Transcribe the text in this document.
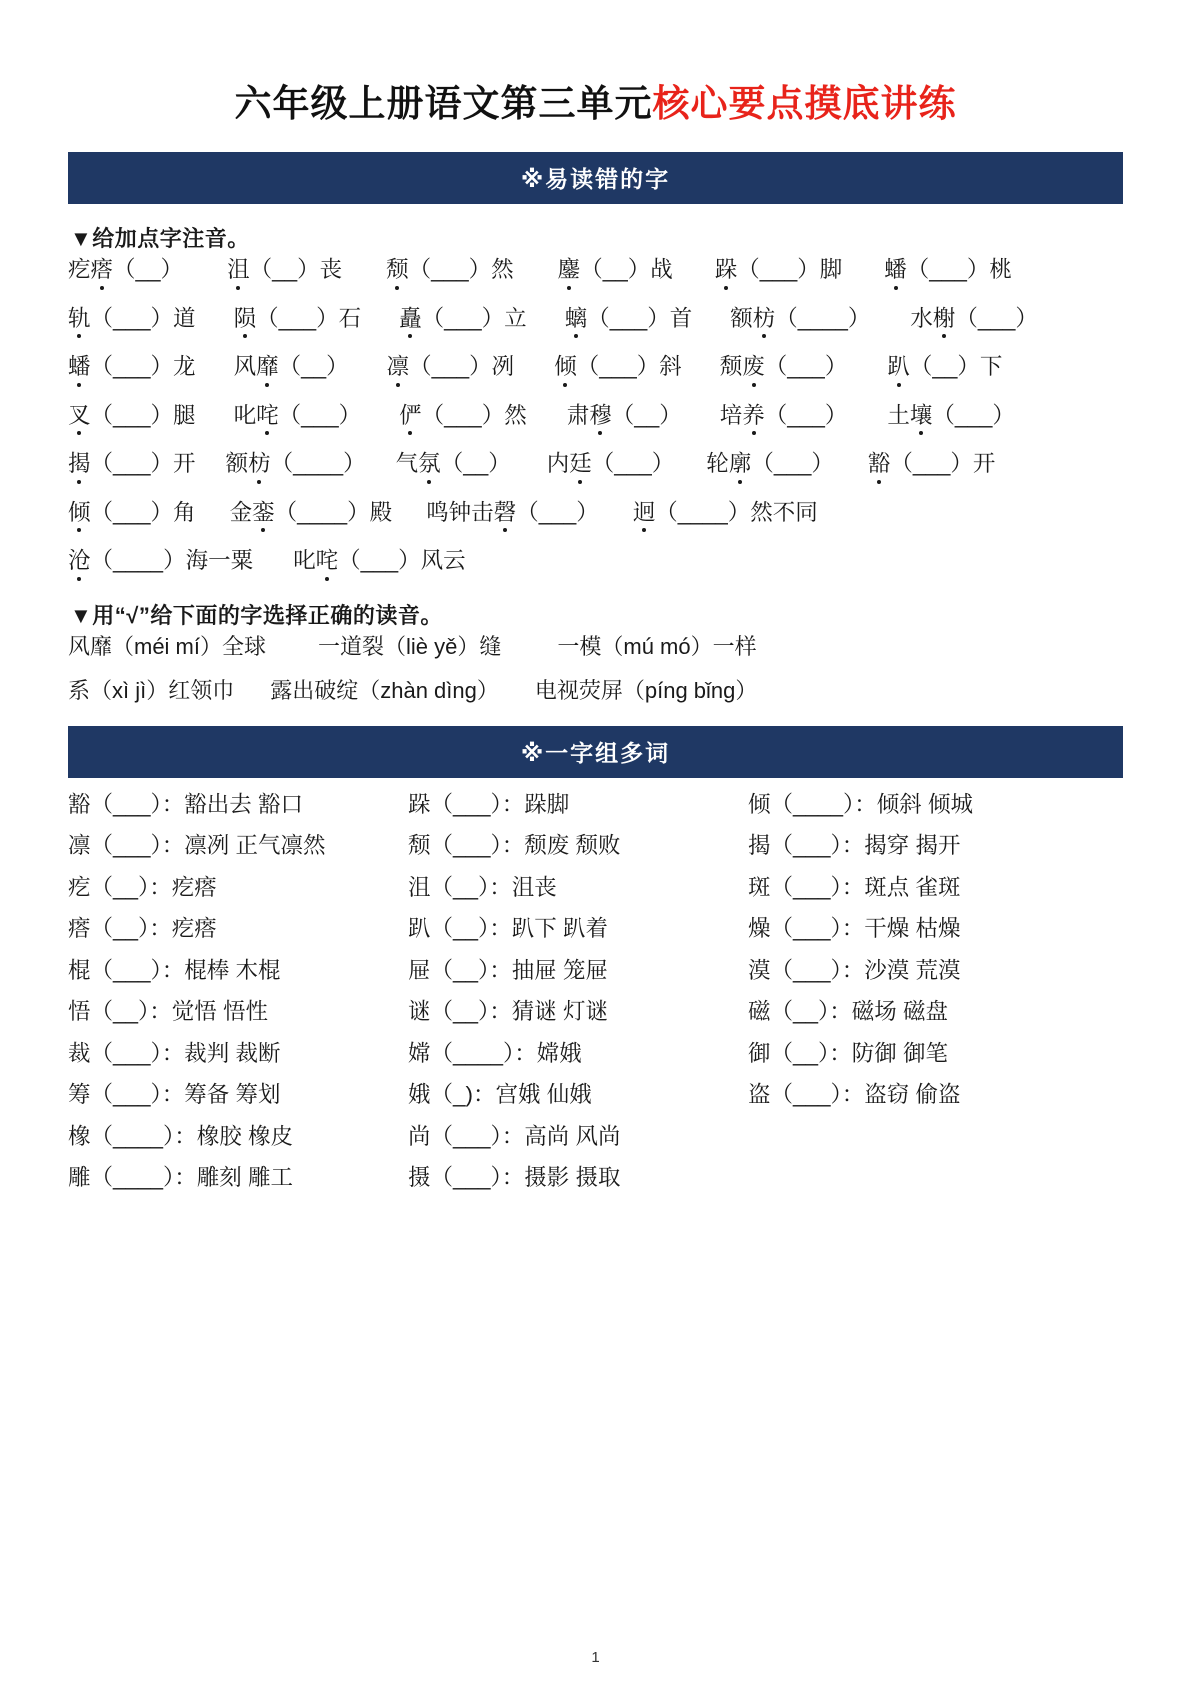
六年级上册语文第三单元核心要点摸底讲练
※易读错的字
▼给加点字注音。
疙瘩（__） 沮（__）丧 颓（___）然 鏖（__）战 跺（___）脚 蟠（___）桃
轨（___）道 陨（___）石 矗（___）立 螭（___）首 额枋（____） 水榭（___）
蟠（___）龙 风靡（__） 凛（___）冽 倾（___）斜 颓废（___） 趴（__）下
叉（___）腿 叱咤（___） 俨（___）然 肃穆（__） 培养（___） 土壤（___）
揭（___）开 额枋（____） 气氛（__） 内廷（___） 轮廓（___） 豁（___）开
倾（___）角 金銮（____）殿 鸣钟击磬（___） 迥（____）然不同
沧（____）海一粟 叱咤（___）风云
▼用“√”给下面的字选择正确的读音。
风靡（méi mí）全球 一道裂（liè yě）缝	一模（mú mó）一样
系（xì jì）红领巾 露出破绽（zhàn dìng） 电视荧屏（píng bǐng）
※一字组多词
豁（___）：豁出去 豁口	跺（___）：跺脚	倾（____）：倾斜 倾城
凛（___）：凛冽 正气凛然	颓（___）：颓废 颓败	揭（___）：揭穿 揭开
疙（__）：疙瘩	沮（__）：沮丧	斑（___）：斑点 雀斑
瘩（__）：疙瘩	趴（__）：趴下 趴着	燥（___）：干燥 枯燥
棍（___）：棍棒 木棍	屉（__）：抽屉 笼屉	漠（___）：沙漠 荒漠
悟（__）：觉悟 悟性	谜（__）：猜谜 灯谜	磁（__）：磁场 磁盘
裁（___）：裁判 裁断	嫦（____）：嫦娥	御（__）：防御 御笔
筹（___）：筹备 筹划	娥（_)：宫娥 仙娥	盗（___）：盗窃 偷盗
橡（____）：橡胶 橡皮	尚（___）：高尚 风尚
雕（____）：雕刻 雕工	摄（___）：摄影 摄取
1
